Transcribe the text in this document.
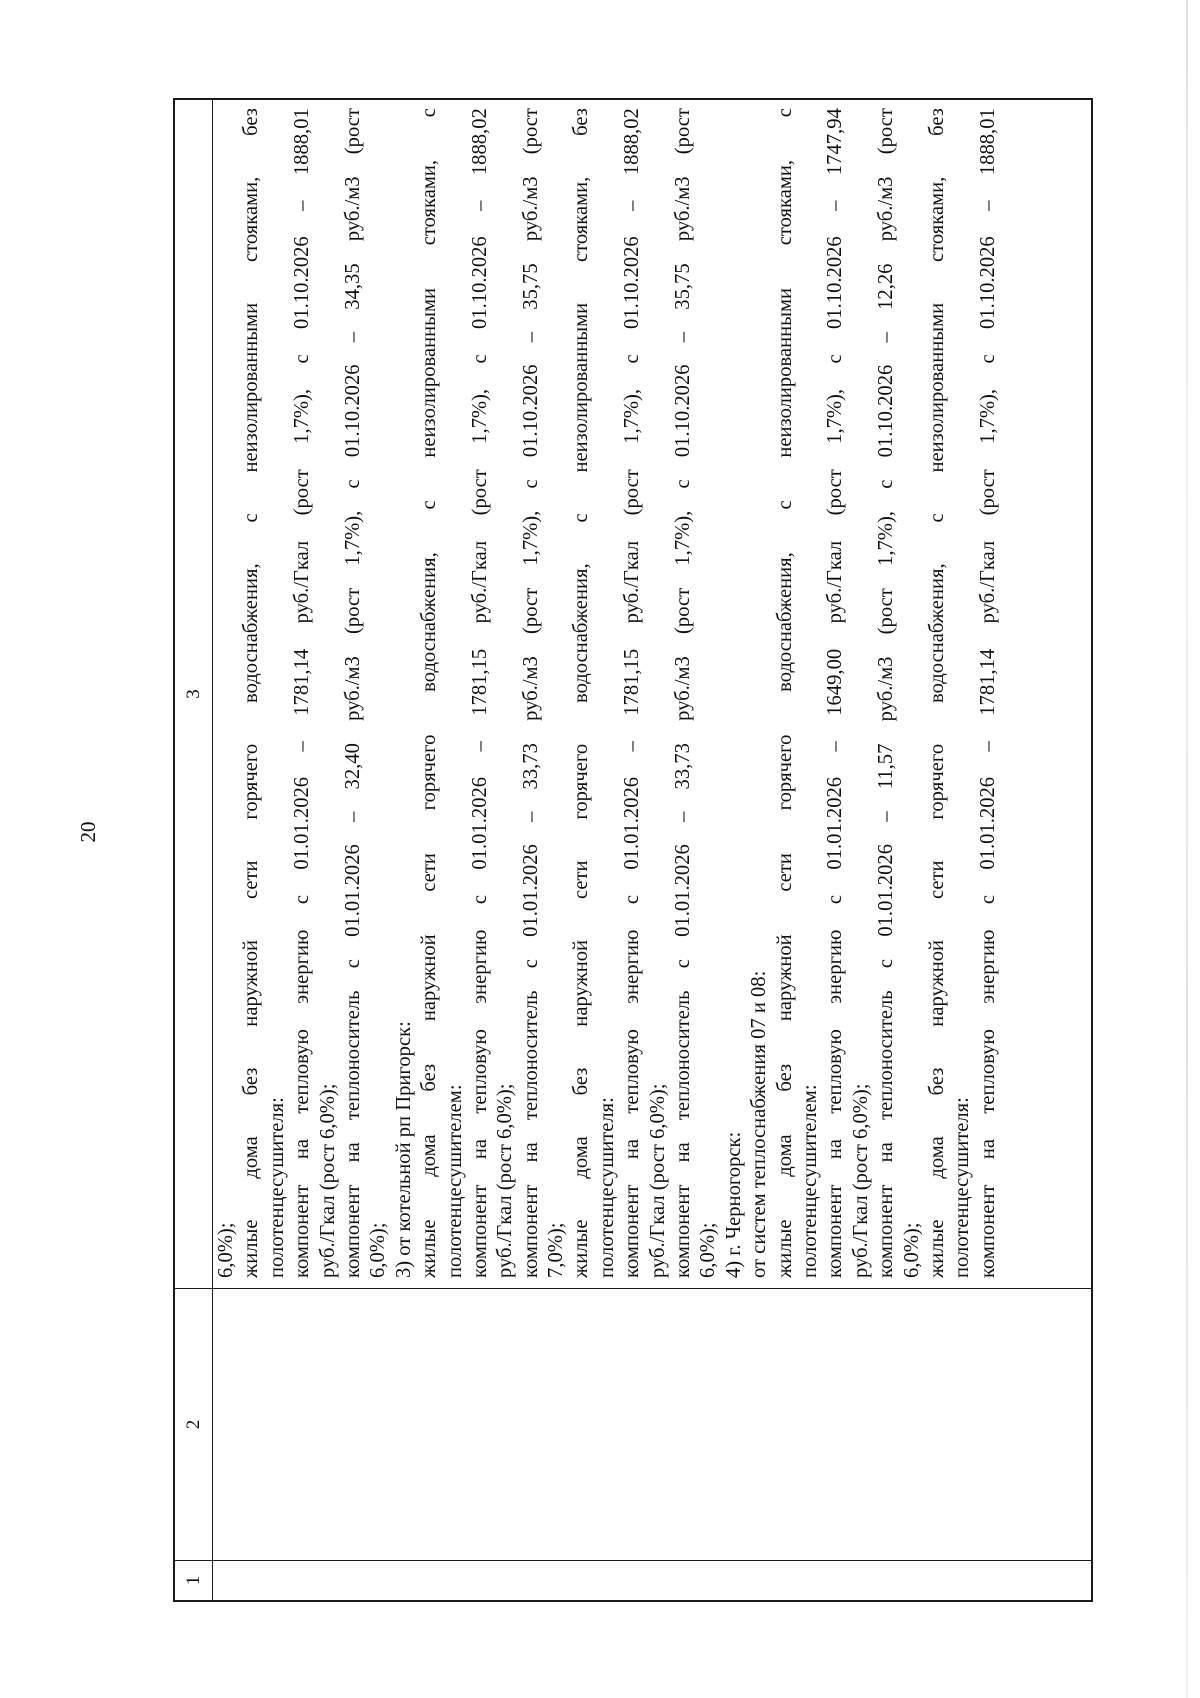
20
1
2
3
6,0%); жилые
дома
без
наружной
сети
горячего
водоснабжения,
с
неизолированными
стояками,
без
полотенцесушителя: компонент
на
тепловую
энергию
с
01.01.2026
–
1781,14
руб./Гкал
(рост
1,7%),
с
01.10.2026
–
1888,01
руб./Гкал (рост 6,0%); компонент
на
теплоноситель
с
01.01.2026
–
32,40
руб./м3
(рост
1,7%),
с
01.10.2026
–
34,35
руб./м3
(рост
6,0%); 3) от котельной рп Пригорск: жилые
дома
без
наружной
сети
горячего
водоснабжения,
с
неизолированными
стояками,
с
полотенцесушителем: компонент
на
тепловую
энергию
с
01.01.2026
–
1781,15
руб./Гкал
(рост
1,7%),
с
01.10.2026
–
1888,02
руб./Гкал (рост 6,0%); компонент
на
теплоноситель
с
01.01.2026
–
33,73
руб./м3
(рост
1,7%),
с
01.10.2026
–
35,75
руб./м3
(рост
7,0%); жилые
дома
без
наружной
сети
горячего
водоснабжения,
с
неизолированными
стояками,
без
полотенцесушителя: компонент
на
тепловую
энергию
с
01.01.2026
–
1781,15
руб./Гкал
(рост
1,7%),
с
01.10.2026
–
1888,02
руб./Гкал (рост 6,0%); компонент
на
теплоноситель
с
01.01.2026
–
33,73
руб./м3
(рост
1,7%),
с
01.10.2026
–
35,75
руб./м3
(рост
6,0%); 4) г. Черногорск: от систем теплоснабжения 07 и 08: жилые
дома
без
наружной
сети
горячего
водоснабжения,
с
неизолированными
стояками,
с
полотенцесушителем: компонент
на
тепловую
энергию
с
01.01.2026
–
1649,00
руб./Гкал
(рост
1,7%),
с
01.10.2026
–
1747,94
руб./Гкал (рост 6,0%); компонент
на
теплоноситель
с
01.01.2026
–
11,57
руб./м3
(рост
1,7%),
с
01.10.2026
–
12,26
руб./м3
(рост
6,0%); жилые
дома
без
наружной
сети
горячего
водоснабжения,
с
неизолированными
стояками,
без
полотенцесушителя: компонент
на
тепловую
энергию
с
01.01.2026
–
1781,14
руб./Гкал
(рост
1,7%),
с
01.10.2026
–
1888,01
